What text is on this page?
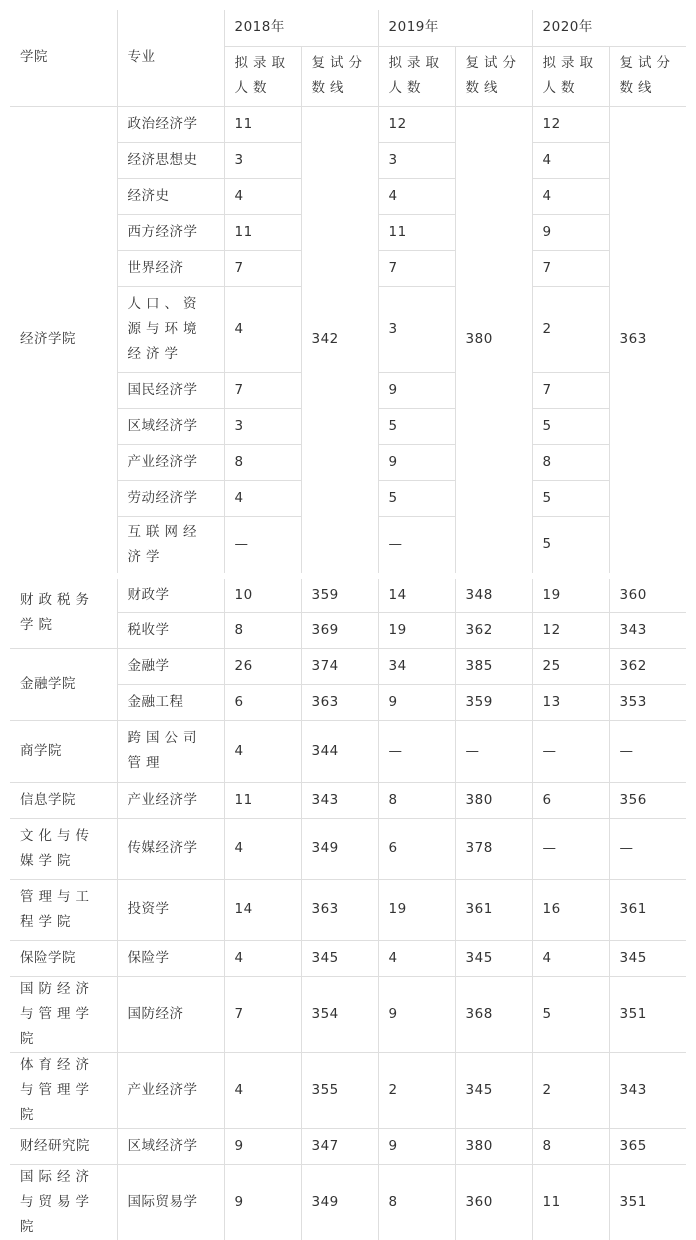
学院	专业	2018年		2019年		2020年	
		拟录取人数	复试分数线	拟录取人数	复试分数线	拟录取人数	复试分数线
经济学院	政治经济学	11	342	12	380	12	363
	经济思想史	3		3		4	
	经济史	4		4		4	
	西方经济学	11		11		9	
	世界经济	7		7		7	
	人口、资源与环境经济学	4		3		2	
	国民经济学	7		9		7	
	区域经济学	3		5		5	
	产业经济学	8		9		8	
	劳动经济学	4		5		5	
	互联网经济学	—		—		5	
财政税务学院	财政学	10	359	14	348	19	360
	税收学	8	369	19	362	12	343
金融学院	金融学	26	374	34	385	25	362
	金融工程	6	363	9	359	13	353
商学院	跨国公司管理	4	344	—	—	—	—
信息学院	产业经济学	11	343	8	380	6	356
文化与传媒学院	传媒经济学	4	349	6	378	—	—
管理与工程学院	投资学	14	363	19	361	16	361
保险学院	保险学	4	345	4	345	4	345
国防经济与管理学院	国防经济	7	354	9	368	5	351
体育经济与管理学院	产业经济学	4	355	2	345	2	343
财经研究院	区域经济学	9	347	9	380	8	365
国际经济与贸易学院	国际贸易学	9	349	8	360	11	351
